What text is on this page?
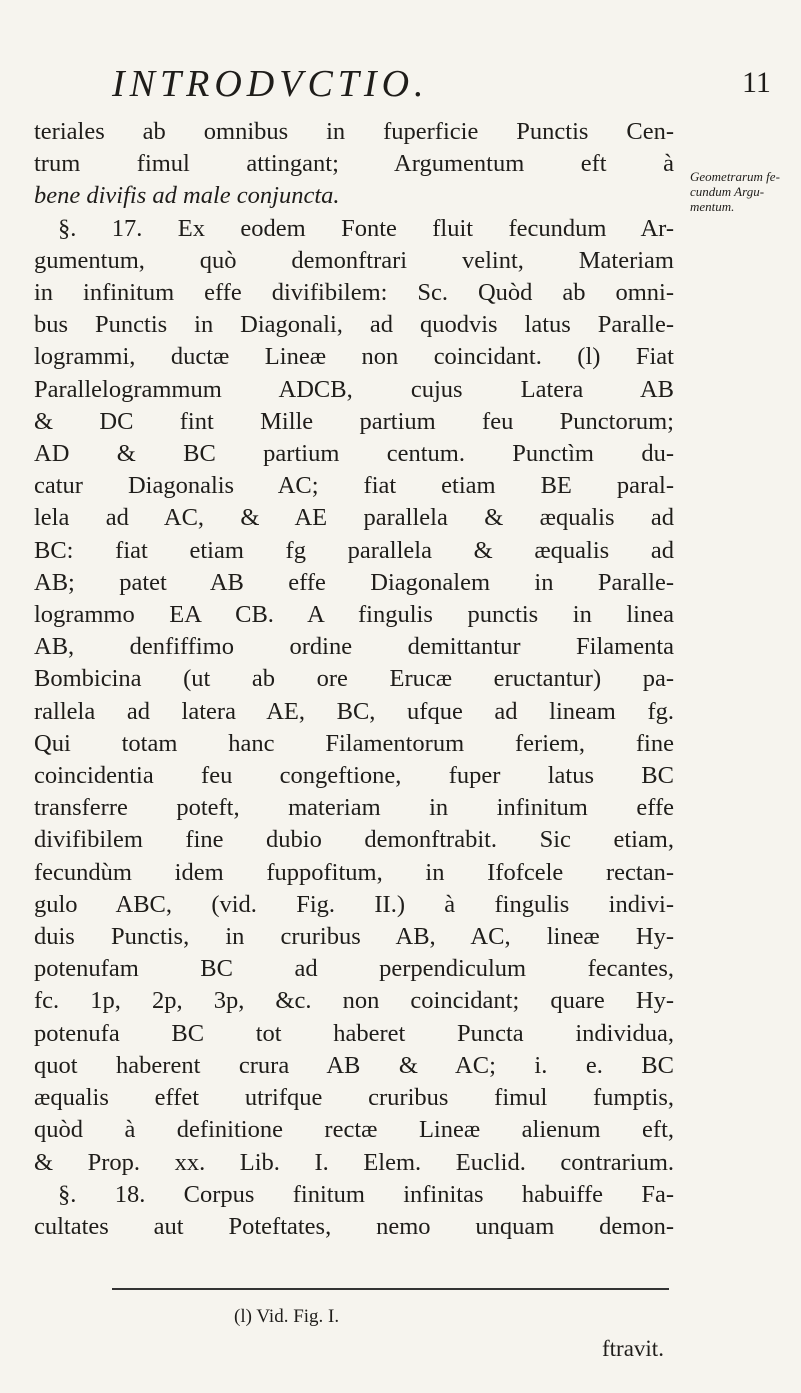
INTRODVCTIO.	11
teriales ab omnibus in fuperficie Punctis Cen-
trum fimul attingant; Argumentum eft à
bene divifis ad male conjuncta.
§. 17. Ex eodem Fonte fluit fecundum Ar-
gumentum, quò demonftrari velint, Materiam
in infinitum effe divifibilem: Sc. Quòd ab omni-
bus Punctis in Diagonali, ad quodvis latus Paralle-
logrammi, ductæ Lineæ non coincidant. (l) Fiat
Parallelogrammum ADCB, cujus Latera AB
& DC fint Mille partium feu Punctorum;
AD & BC partium centum. Punctìm du-
catur Diagonalis AC; fiat etiam BE paral-
lela ad AC, & AE parallela & æqualis ad
BC: fiat etiam fg parallela & æqualis ad
AB; patet AB effe Diagonalem in Paralle-
logrammo EA CB. A fingulis punctis in linea
AB, denfiffimo ordine demittantur Filamenta
Bombicina (ut ab ore Erucæ eructantur) pa-
rallela ad latera AE, BC, ufque ad lineam fg.
Qui totam hanc Filamentorum feriem, fine
coincidentia feu congeftione, fuper latus BC
transferre poteft, materiam in infinitum effe
divifibilem fine dubio demonftrabit. Sic etiam,
fecundùm idem fuppofitum, in Ifofcele rectan-
gulo ABC, (vid. Fig. II.) à fingulis indivi-
duis Punctis, in cruribus AB, AC, lineæ Hy-
potenufam BC ad perpendiculum fecantes,
fc. 1p, 2p, 3p, &c. non coincidant; quare Hy-
potenufa BC tot haberet Puncta individua,
quot haberent crura AB & AC; i. e. BC
æqualis effet utrifque cruribus fimul fumptis,
quòd à definitione rectæ Lineæ alienum eft,
& Prop. xx. Lib. I. Elem. Euclid. contrarium.
§. 18. Corpus finitum infinitas habuiffe Fa-
cultates aut Poteftates, nemo unquam demon-
Geometrarum fe-
cundum Argu-
mentum.
(l) Vid. Fig. I.
ftravit.
